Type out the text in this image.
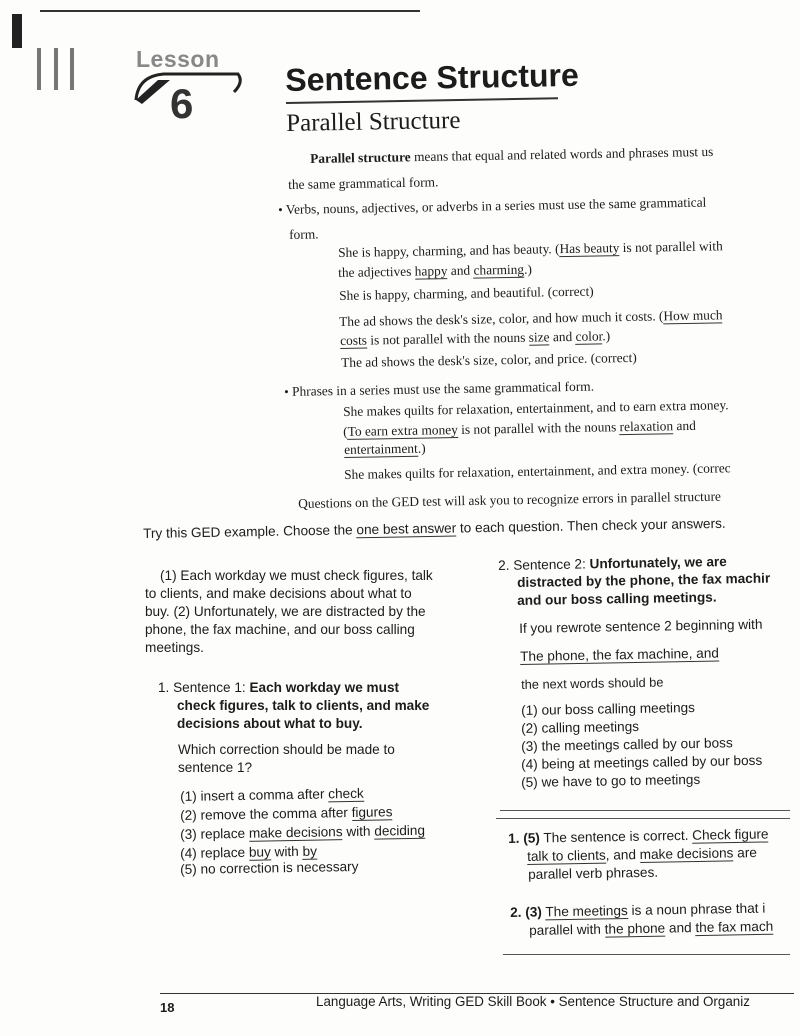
Lesson
6
Sentence Structure
Parallel Structure
Parallel structure means that equal and related words and phrases must us
the same grammatical form.
• Verbs, nouns, adjectives, or adverbs in a series must use the same grammatical
form.
She is happy, charming, and has beauty. (Has beauty is not parallel with
the adjectives happy and charming.)
She is happy, charming, and beautiful. (correct)
The ad shows the desk's size, color, and how much it costs. (How much
costs is not parallel with the nouns size and color.)
The ad shows the desk's size, color, and price. (correct)
• Phrases in a series must use the same grammatical form.
She makes quilts for relaxation, entertainment, and to earn extra money.
(To earn extra money is not parallel with the nouns relaxation and
entertainment.)
She makes quilts for relaxation, entertainment, and extra money. (correc
Questions on the GED test will ask you to recognize errors in parallel structure
Try this GED example. Choose the one best answer to each question. Then check your answers.
(1) Each workday we must check figures, talk
to clients, and make decisions about what to
buy. (2) Unfortunately, we are distracted by the
phone, the fax machine, and our boss calling
meetings.
1. Sentence 1: Each workday we must
check figures, talk to clients, and make
decisions about what to buy.
Which correction should be made to
sentence 1?
(1) insert a comma after check
(2) remove the comma after figures
(3) replace make decisions with deciding
(4) replace buy with by
(5) no correction is necessary
2. Sentence 2: Unfortunately, we are
distracted by the phone, the fax machir
and our boss calling meetings.
If you rewrote sentence 2 beginning with
The phone, the fax machine, and
the next words should be
(1) our boss calling meetings
(2) calling meetings
(3) the meetings called by our boss
(4) being at meetings called by our boss
(5) we have to go to meetings
1. (5) The sentence is correct. Check figure
talk to clients, and make decisions are
parallel verb phrases.
2. (3) The meetings is a noun phrase that i
parallel with the phone and the fax mach
18	Language Arts, Writing GED Skill Book • Sentence Structure and Organiz
